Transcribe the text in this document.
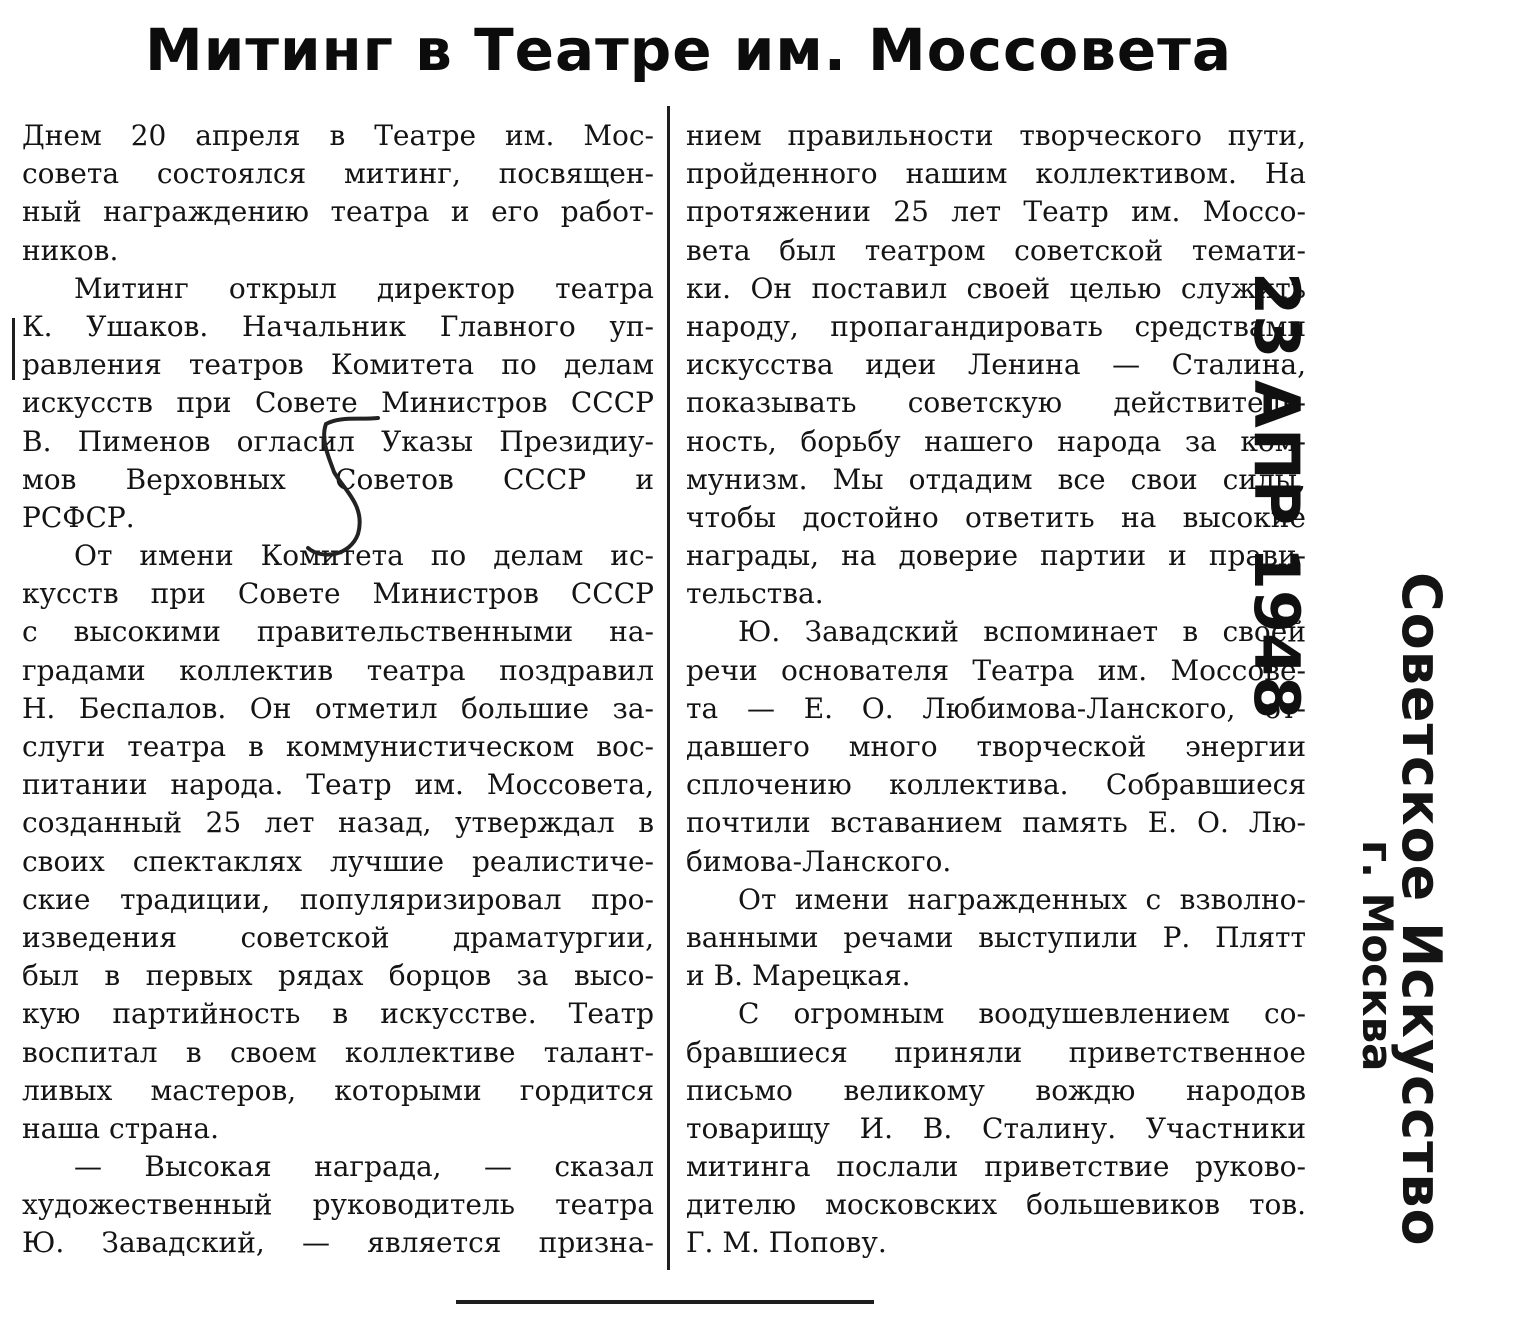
Митинг в Театре им. Моссовета
Днем 20 апреля в Театре им. Мос-
совета состоялся митинг, посвящен-
ный награждению театра и его работ-
ников.
Митинг открыл директор театра
К. Ушаков. Начальник Главного уп-
равления театров Комитета по делам
искусств при Совете Министров СССР
В. Пименов огласил Указы Президиу-
мов Верховных Советов СССР и
РСФСР.
От имени Комитета по делам ис-
кусств при Совете Министров СССР
с высокими правительственными на-
градами коллектив театра поздравил
Н. Беспалов. Он отметил большие за-
слуги театра в коммунистическом вос-
питании народа. Театр им. Моссовета,
созданный 25 лет назад, утверждал в
своих спектаклях лучшие реалистиче-
ские традиции, популяризировал про-
изведения советской драматургии,
был в первых рядах борцов за высо-
кую партийность в искусстве. Театр
воспитал в своем коллективе талант-
ливых мастеров, которыми гордится
наша страна.
— Высокая награда, — сказал
художественный руководитель театра
Ю. Завадский, — является призна-
нием правильности творческого пути,
пройденного нашим коллективом. На
протяжении 25 лет Театр им. Моссо-
вета был театром советской темати-
ки. Он поставил своей целью служить
народу, пропагандировать средствами
искусства идеи Ленина — Сталина,
показывать советскую действитель-
ность, борьбу нашего народа за ком-
мунизм. Мы отдадим все свои силы,
чтобы достойно ответить на высокие
награды, на доверие партии и прави-
тельства.
Ю. Завадский вспоминает в своей
речи основателя Театра им. Моссове-
та — Е. О. Любимова-Ланского, от-
давшего много творческой энергии
сплочению коллектива. Собравшиеся
почтили вставанием память Е. О. Лю-
бимова-Ланского.
От имени награжденных с взволно-
ванными речами выступили Р. Плятт
и В. Марецкая.
С огромным воодушевлением со-
бравшиеся приняли приветственное
письмо великому вождю народов
товарищу И. В. Сталину. Участники
митинга послали приветствие руково-
дителю московских большевиков тов.
Г. М. Попову.
23 АПР 1948
Советское Искусство
г. Москва
